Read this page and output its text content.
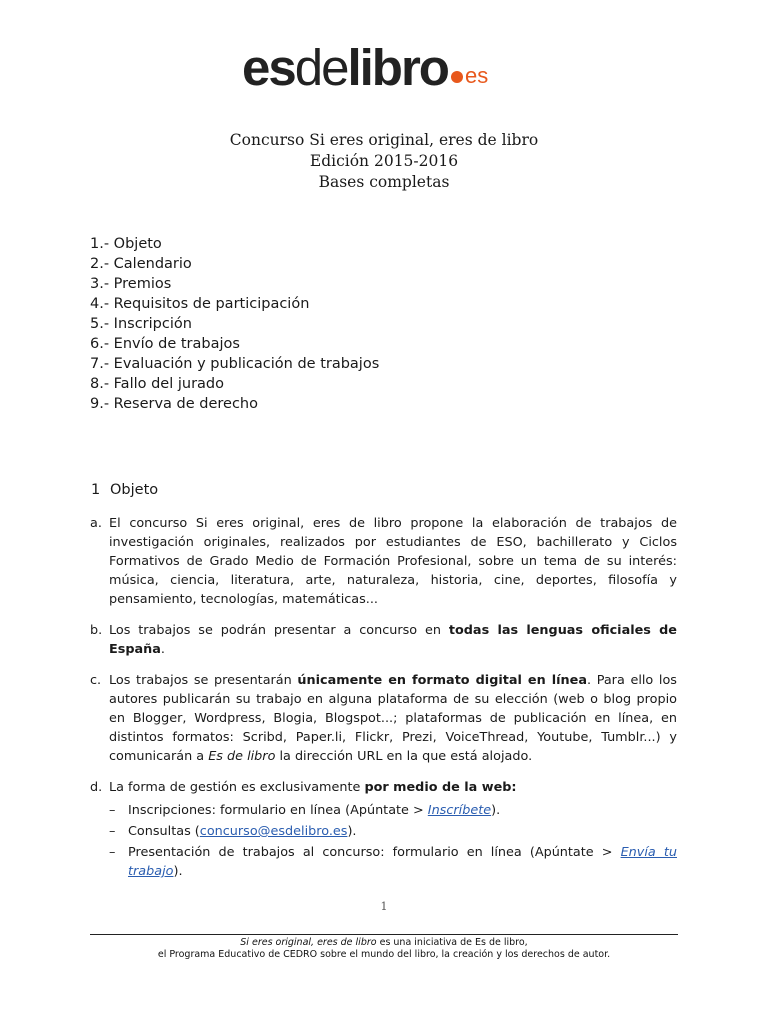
esdelibro es
Concurso Si eres original, eres de libro
Edición 2015-2016
Bases completas
1.- Objeto
2.- Calendario
3.- Premios
4.- Requisitos de participación
5.- Inscripción
6.- Envío de trabajos
7.- Evaluación y publicación de trabajos
8.- Fallo del jurado
9.- Reserva de derecho
1 Objeto
a. El concurso Si eres original, eres de libro propone la elaboración de trabajos de investigación originales, realizados por estudiantes de ESO, bachillerato y Ciclos Formativos de Grado Medio de Formación Profesional, sobre un tema de su interés: música, ciencia, literatura, arte, naturaleza, historia, cine, deportes, filosofía y pensamiento, tecnologías, matemáticas...
b. Los trabajos se podrán presentar a concurso en todas las lenguas oficiales de España.
c. Los trabajos se presentarán únicamente en formato digital en línea. Para ello los autores publicarán su trabajo en alguna plataforma de su elección (web o blog propio en Blogger, Wordpress, Blogia, Blogspot...; plataformas de publicación en línea, en distintos formatos: Scribd, Paper.li, Flickr, Prezi, VoiceThread, Youtube, Tumblr...) y comunicarán a Es de libro la dirección URL en la que está alojado.
d. La forma de gestión es exclusivamente por medio de la web:
– Inscripciones: formulario en línea (Apúntate > Inscríbete).
– Consultas (concurso@esdelibro.es).
– Presentación de trabajos al concurso: formulario en línea (Apúntate > Envía tu trabajo).
1
Si eres original, eres de libro es una iniciativa de Es de libro,
el Programa Educativo de CEDRO sobre el mundo del libro, la creación y los derechos de autor.
